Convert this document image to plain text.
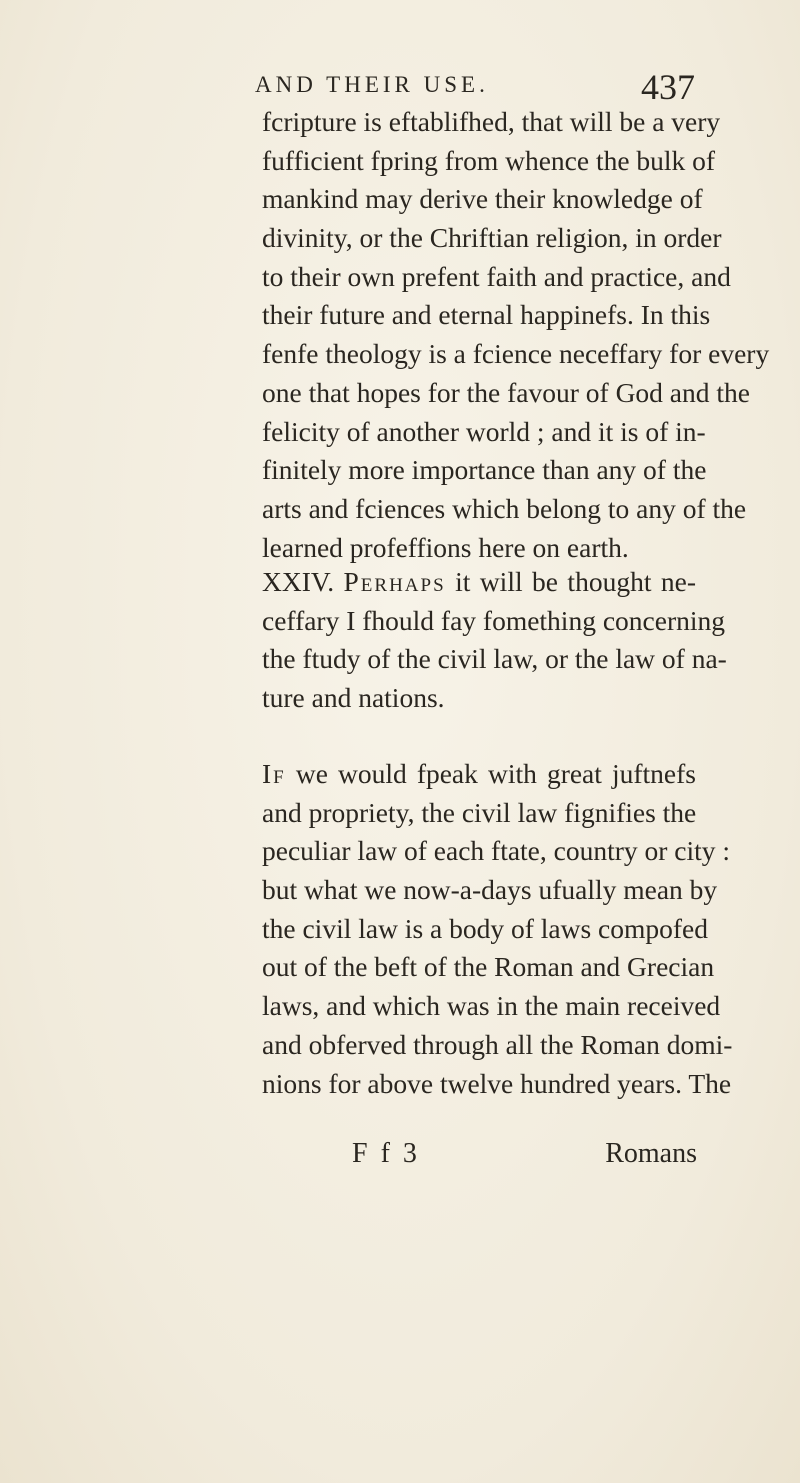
AND THEIR USE.	437
fcripture is eftablifhed, that will be a very
fufficient fpring from whence the bulk of
mankind may derive their knowledge of
divinity, or the Chriftian religion, in order
to their own prefent faith and practice, and
their future and eternal happinefs. In this
fenfe theology is a fcience neceffary for every
one that hopes for the favour of God and the
felicity of another world ; and it is of in-
finitely more importance than any of the
arts and fciences which belong to any of the
learned profeffions here on earth.
XXIV. Perhaps it will be thought ne-
ceffary I fhould fay fomething concerning
the ftudy of the civil law, or the law of na-
ture and nations.
If we would fpeak with great juftnefs
and propriety, the civil law fignifies the
peculiar law of each ftate, country or city :
but what we now-a-days ufually mean by
the civil law is a body of laws compofed
out of the beft of the Roman and Grecian
laws, and which was in the main received
and obferved through all the Roman domi-
nions for above twelve hundred years. The
F f 3	Romans
